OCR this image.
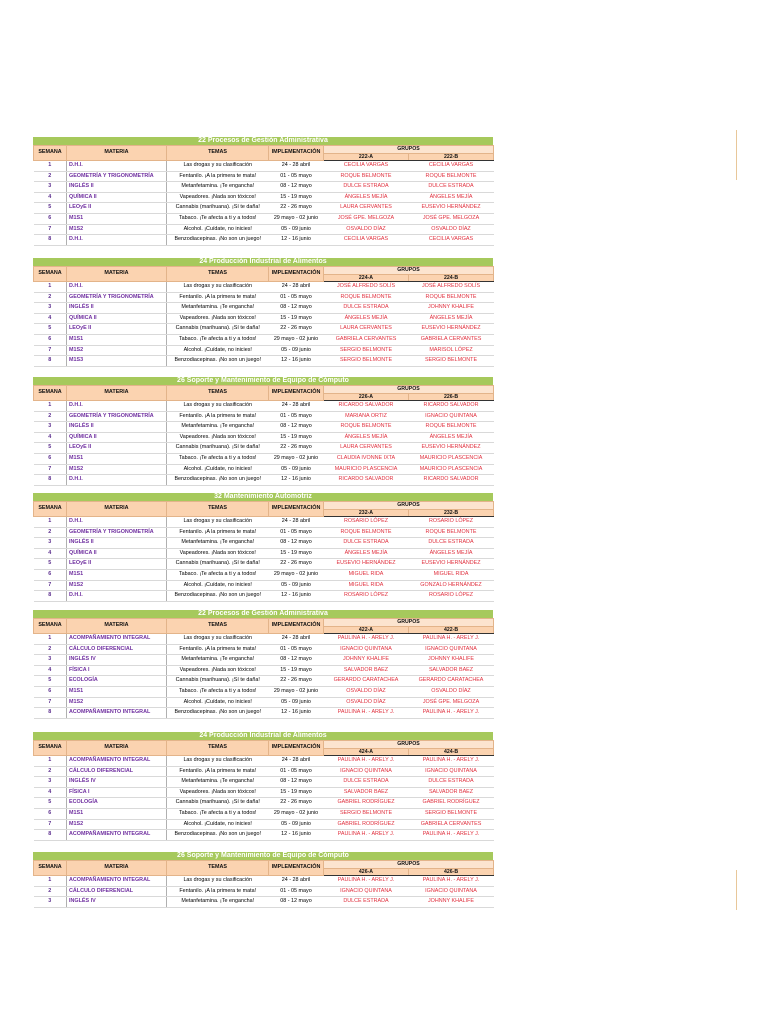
22 Procesos de Gestión Administrativa
SEMANA	MATERIA	TEMAS	IMPLEMENTACIÓN	GRUPOS	
				222-A	222-B
1	D.H.I.	Las drogas y su clasificación	24 - 28 abril	CECILIA VARGAS	CECILIA VARGAS
2	GEOMETRÍA Y TRIGONOMETRÍA	Fentanilo. ¡A la primera te mata!	01 - 05 mayo	ROQUE BELMONTE	ROQUE BELMONTE
3	INGLÉS II	Metanfetamina. ¡Te engancha!	08 - 12 mayo	DULCE ESTRADA	DULCE ESTRADA
4	QUÍMICA II	Vapeadores. ¡Nada son tóxicos!	15 - 19 mayo	ÁNGELES MEJÍA	ÁNGELES MEJÍA
5	LEOyE II	Cannabis (marihuana). ¡Sí te daña!	22 - 26 mayo	LAURA CERVANTES	EUSEVIO HERNÁNDEZ
6	M1S1	Tabaco. ¡Te afecta a ti y a todos!	29 mayo - 02 junio	JOSÉ GPE. MELGOZA	JOSÉ GPE. MELGOZA
7	M1S2	Alcohol. ¡Cuídate, no inicies!	05 - 09 junio	OSVALDO DÍAZ	OSVALDO DÍAZ
8	D.H.I.	Benzodiacepinas. ¡No son un juego!	12 - 16 junio	CECILIA VARGAS	CECILIA VARGAS
24 Producción Industrial de Alimentos
SEMANA	MATERIA	TEMAS	IMPLEMENTACIÓN	GRUPOS	
				224-A	224-B
1	D.H.I.	Las drogas y su clasificación	24 - 28 abril	JOSÉ ALFREDO SOLÍS	JOSÉ ALFREDO SOLÍS
2	GEOMETRÍA Y TRIGONOMETRÍA	Fentanilo. ¡A la primera te mata!	01 - 05 mayo	ROQUE BELMONTE	ROQUE BELMONTE
3	INGLÉS II	Metanfetamina. ¡Te engancha!	08 - 12 mayo	DULCE ESTRADA	JOHNNY KHALIFE
4	QUÍMICA II	Vapeadores. ¡Nada son tóxicos!	15 - 19 mayo	ÁNGELES MEJÍA	ÁNGELES MEJÍA
5	LEOyE II	Cannabis (marihuana). ¡Sí te daña!	22 - 26 mayo	LAURA CERVANTES	EUSEVIO HERNÁNDEZ
6	M1S1	Tabaco. ¡Te afecta a ti y a todos!	29 mayo - 02 junio	GABRIELA CERVANTES	GABRIELA CERVANTES
7	M1S2	Alcohol. ¡Cuídate, no inicies!	05 - 09 junio	SERGIO BELMONTE	MARISOL LÓPEZ
8	M1S3	Benzodiacepinas. ¡No son un juego!	12 - 16 junio	SERGIO BELMONTE	SERGIO BELMONTE
26 Soporte y Mantenimiento de Equipo de Cómputo
SEMANA	MATERIA	TEMAS	IMPLEMENTACIÓN	GRUPOS	
				226-A	226-B
1	D.H.I.	Las drogas y su clasificación	24 - 28 abril	RICARDO SALVADOR	RICARDO SALVADOR
2	GEOMETRÍA Y TRIGONOMETRÍA	Fentanilo. ¡A la primera te mata!	01 - 05 mayo	MARIANA ORTIZ	IGNACIO QUINTANA
3	INGLÉS II	Metanfetamina. ¡Te engancha!	08 - 12 mayo	ROQUE BELMONTE	ROQUE BELMONTE
4	QUÍMICA II	Vapeadores. ¡Nada son tóxicos!	15 - 19 mayo	ÁNGELES MEJÍA	ÁNGELES MEJÍA
5	LEOyE II	Cannabis (marihuana). ¡Sí te daña!	22 - 26 mayo	LAURA CERVANTES	EUSEVIO HERNÁNDEZ
6	M1S1	Tabaco. ¡Te afecta a ti y a todos!	29 mayo - 02 junio	CLAUDIA IVONNE IXTA	MAURICIO PLASCENCIA
7	M1S2	Alcohol. ¡Cuídate, no inicies!	05 - 09 junio	MAURICIO PLASCENCIA	MAURICIO PLASCENCIA
8	D.H.I.	Benzodiacepinas. ¡No son un juego!	12 - 16 junio	RICARDO SALVADOR	RICARDO SALVADOR
32 Mantenimiento Automotriz
SEMANA	MATERIA	TEMAS	IMPLEMENTACIÓN	GRUPOS	
				232-A	232-B
1	D.H.I.	Las drogas y su clasificación	24 - 28 abril	ROSARIO LÓPEZ	ROSARIO LÓPEZ
2	GEOMETRÍA Y TRIGONOMETRÍA	Fentanilo. ¡A la primera te mata!	01 - 05 mayo	ROQUE BELMONTE	ROQUE BELMONTE
3	INGLÉS II	Metanfetamina. ¡Te engancha!	08 - 12 mayo	DULCE ESTRADA	DULCE ESTRADA
4	QUÍMICA II	Vapeadores. ¡Nada son tóxicos!	15 - 19 mayo	ÁNGELES MEJÍA	ÁNGELES MEJÍA
5	LEOyE II	Cannabis (marihuana). ¡Sí te daña!	22 - 26 mayo	EUSEVIO HERNÁNDEZ	EUSEVIO HERNÁNDEZ
6	M1S1	Tabaco. ¡Te afecta a ti y a todos!	29 mayo - 02 junio	MIGUEL RIDA	MIGUEL RIDA
7	M1S2	Alcohol. ¡Cuídate, no inicies!	05 - 09 junio	MIGUEL RIDA	GONZALO HERNÁNDEZ
8	D.H.I.	Benzodiacepinas. ¡No son un juego!	12 - 16 junio	ROSARIO LÓPEZ	ROSARIO LÓPEZ
22 Procesos de Gestión Administrativa
SEMANA	MATERIA	TEMAS	IMPLEMENTACIÓN	GRUPOS	
				422-A	422-B
1	ACOMPAÑAMIENTO INTEGRAL	Las drogas y su clasificación	24 - 28 abril	PAULINA H. - ARELY J.	PAULINA H. - ARELY J.
2	CÁLCULO DIFERENCIAL	Fentanilo. ¡A la primera te mata!	01 - 05 mayo	IGNACIO QUINTANA	IGNACIO QUINTANA
3	INGLÉS IV	Metanfetamina. ¡Te engancha!	08 - 12 mayo	JOHNNY KHALIFE	JOHNNY KHALIFE
4	FÍSICA I	Vapeadores. ¡Nada son tóxicos!	15 - 19 mayo	SALVADOR BAEZ	SALVADOR BAEZ
5	ECOLOGÍA	Cannabis (marihuana). ¡Sí te daña!	22 - 26 mayo	GERARDO CARATACHEA	GERARDO CARATACHEA
6	M1S1	Tabaco. ¡Te afecta a ti y a todos!	29 mayo - 02 junio	OSVALDO DÍAZ	OSVALDO DÍAZ
7	M1S2	Alcohol. ¡Cuídate, no inicies!	05 - 09 junio	OSVALDO DÍAZ	JOSÉ GPE. MELGOZA
8	ACOMPAÑAMIENTO INTEGRAL	Benzodiacepinas. ¡No son un juego!	12 - 16 junio	PAULINA H. - ARELY J.	PAULINA H. - ARELY J.
24 Producción Industrial de Alimentos
SEMANA	MATERIA	TEMAS	IMPLEMENTACIÓN	GRUPOS	
				424-A	424-B
1	ACOMPAÑAMIENTO INTEGRAL	Las drogas y su clasificación	24 - 28 abril	PAULINA H. - ARELY J.	PAULINA H. - ARELY J.
2	CÁLCULO DIFERENCIAL	Fentanilo. ¡A la primera te mata!	01 - 05 mayo	IGNACIO QUINTANA	IGNACIO QUINTANA
3	INGLÉS IV	Metanfetamina. ¡Te engancha!	08 - 12 mayo	DULCE ESTRADA	DULCE ESTRADA
4	FÍSICA I	Vapeadores. ¡Nada son tóxicos!	15 - 19 mayo	SALVADOR BAEZ	SALVADOR BAEZ
5	ECOLOGÍA	Cannabis (marihuana). ¡Sí te daña!	22 - 26 mayo	GABRIEL RODRÍGUEZ	GABRIEL RODRÍGUEZ
6	M1S1	Tabaco. ¡Te afecta a ti y a todos!	29 mayo - 02 junio	SERGIO BELMONTE	SERGIO BELMONTE
7	M1S2	Alcohol. ¡Cuídate, no inicies!	05 - 09 junio	GABRIEL RODRÍGUEZ	GABRIELA CERVANTES
8	ACOMPAÑAMIENTO INTEGRAL	Benzodiacepinas. ¡No son un juego!	12 - 16 junio	PAULINA H. - ARELY J.	PAULINA H. - ARELY J.
26 Soporte y Mantenimiento de Equipo de Cómputo
SEMANA	MATERIA	TEMAS	IMPLEMENTACIÓN	GRUPOS	
				426-A	426-B
1	ACOMPAÑAMIENTO INTEGRAL	Las drogas y su clasificación	24 - 28 abril	PAULINA H. - ARELY J.	PAULINA H. - ARELY J.
2	CÁLCULO DIFERENCIAL	Fentanilo. ¡A la primera te mata!	01 - 05 mayo	IGNACIO QUINTANA	IGNACIO QUINTANA
3	INGLÉS IV	Metanfetamina. ¡Te engancha!	08 - 12 mayo	DULCE ESTRADA	JOHNNY KHALIFE
